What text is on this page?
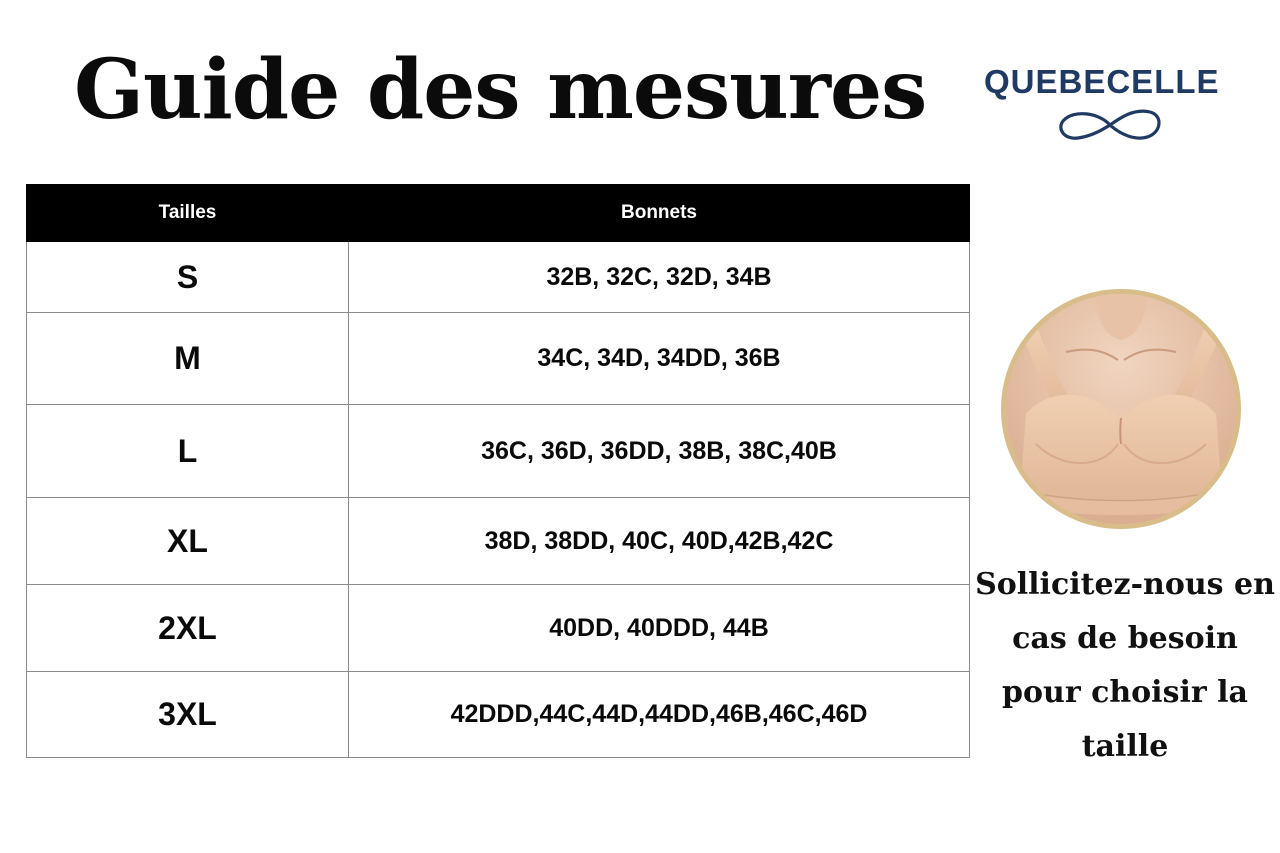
Guide des mesures QUEBECELLE
Tailles	Bonnets
S	32B, 32C, 32D, 34B
M	34C, 34D, 34DD, 36B
L	36C, 36D, 36DD, 38B, 38C,40B
XL	38D, 38DD, 40C, 40D,42B,42C
2XL	40DD, 40DDD, 44B
3XL	42DDD,44C,44D,44DD,46B,46C,46D

Sollicitez-nous en cas de besoin pour choisir la taille
